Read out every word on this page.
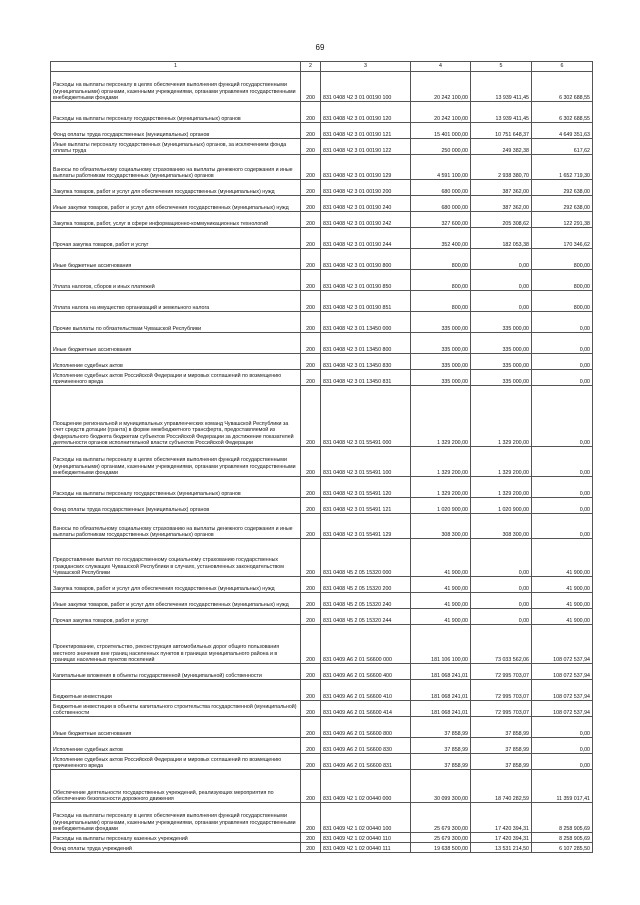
69
1	2	3	4	5	6
Расходы на выплаты персоналу в целях обеспечения выполнения функций государственными (муниципальными) органами, казенными учреждениями, органами управления государственными внебюджетными фондами	200	831 0408 Ч2 3 01 00190 100	20 242 100,00	13 939 411,45	6 302 688,55
Расходы на выплаты персоналу государственных (муниципальных) органов	200	831 0408 Ч2 3 01 00190 120	20 242 100,00	13 939 411,45	6 302 688,55
Фонд оплаты труда государственных (муниципальных) органов	200	831 0408 Ч2 3 01 00190 121	15 401 000,00	10 751 648,37	4 649 351,63
Иные выплаты персоналу государственных (муниципальных) органов, за исключением фонда оплаты труда	200	831 0408 Ч2 3 01 00190 122	250 000,00	249 382,38	617,62
Взносы по обязательному социальному страхованию на выплаты денежного содержания и иные выплаты работникам государственных (муниципальных) органов	200	831 0408 Ч2 3 01 00190 129	4 591 100,00	2 938 380,70	1 652 719,30
Закупка товаров, работ и услуг для обеспечения государственных (муниципальных) нужд	200	831 0408 Ч2 3 01 00190 200	680 000,00	387 362,00	292 638,00
Иные закупки товаров, работ и услуг для обеспечения государственных (муниципальных) нужд	200	831 0408 Ч2 3 01 00190 240	680 000,00	387 362,00	292 638,00
Закупка товаров, работ, услуг в сфере информационно-коммуникационных технологий	200	831 0408 Ч2 3 01 00190 242	327 600,00	205 308,62	122 291,38
Прочая закупка товаров, работ и услуг	200	831 0408 Ч2 3 01 00190 244	352 400,00	182 053,38	170 346,62
Иные бюджетные ассигнования	200	831 0408 Ч2 3 01 00190 800	800,00	0,00	800,00
Уплата налогов, сборов и иных платежей	200	831 0408 Ч2 3 01 00190 850	800,00	0,00	800,00
Уплата налога на имущество организаций и земельного налога	200	831 0408 Ч2 3 01 00190 851	800,00	0,00	800,00
Прочие выплаты по обязательствам Чувашской Республики	200	831 0408 Ч2 3 01 13450 000	335 000,00	335 000,00	0,00
Иные бюджетные ассигнования	200	831 0408 Ч2 3 01 13450 800	335 000,00	335 000,00	0,00
Исполнение судебных актов	200	831 0408 Ч2 3 01 13450 830	335 000,00	335 000,00	0,00
Исполнение судебных актов Российской Федерации и мировых соглашений по возмещению причиненного вреда	200	831 0408 Ч2 3 01 13450 831	335 000,00	335 000,00	0,00
Поощрение региональной и муниципальных управленческих команд Чувашской Республики за счет средств дотации (гранта) в форме межбюджетного трансферта, предоставляемой из федерального бюджета бюджетам субъектов Российской Федерации за достижение показателей деятельности органов исполнительной власти субъектов Российской Федерации	200	831 0408 Ч2 3 01 55491 000	1 329 200,00	1 329 200,00	0,00
Расходы на выплаты персоналу в целях обеспечения выполнения функций государственными (муниципальными) органами, казенными учреждениями, органами управления государственными внебюджетными фондами	200	831 0408 Ч2 3 01 55491 100	1 329 200,00	1 329 200,00	0,00
Расходы на выплаты персоналу государственных (муниципальных) органов	200	831 0408 Ч2 3 01 55491 120	1 329 200,00	1 329 200,00	0,00
Фонд оплаты труда государственных (муниципальных) органов	200	831 0408 Ч2 3 01 55491 121	1 020 900,00	1 020 900,00	0,00
Взносы по обязательному социальному страхованию на выплаты денежного содержания и иные выплаты работникам государственных (муниципальных) органов	200	831 0408 Ч2 3 01 55491 129	308 300,00	308 300,00	0,00
Предоставление выплат по государственному социальному страхованию государственных гражданских служащих Чувашской Республики в случаях, установленных законодательством Чувашской Республики	200	831 0408 Ч5 2 05 15320 000	41 900,00	0,00	41 900,00
Закупка товаров, работ и услуг для обеспечения государственных (муниципальных) нужд	200	831 0408 Ч5 2 05 15320 200	41 900,00	0,00	41 900,00
Иные закупки товаров, работ и услуг для обеспечения государственных (муниципальных) нужд	200	831 0408 Ч5 2 05 15320 240	41 900,00	0,00	41 900,00
Прочая закупка товаров, работ и услуг	200	831 0408 Ч5 2 05 15320 244	41 900,00	0,00	41 900,00
Проектирование, строительство, реконструкция автомобильных дорог общего пользования местного значения вне границ населенных пунктов в границах муниципального района и в границах населенных пунктов поселений	200	831 0409 А6 2 01 S6600 000	181 106 100,00	73 033 562,06	108 072 537,94
Капитальные вложения в объекты государственной (муниципальной) собственности	200	831 0409 А6 2 01 S6600 400	181 068 241,01	72 995 703,07	108 072 537,94
Бюджетные инвестиции	200	831 0409 А6 2 01 S6600 410	181 068 241,01	72 995 703,07	108 072 537,94
Бюджетные инвестиции в объекты капитального строительства государственной (муниципальной) собственности	200	831 0409 А6 2 01 S6600 414	181 068 241,01	72 995 703,07	108 072 537,94
Иные бюджетные ассигнования	200	831 0409 А6 2 01 S6600 800	37 858,99	37 858,99	0,00
Исполнение судебных актов	200	831 0409 А6 2 01 S6600 830	37 858,99	37 858,99	0,00
Исполнение судебных актов Российской Федерации и мировых соглашений по возмещению причиненного вреда	200	831 0409 А6 2 01 S6600 831	37 858,99	37 858,99	0,00
Обеспечение деятельности государственных учреждений, реализующих мероприятия по обеспечению безопасности дорожного движения	200	831 0409 Ч2 1 02 00440 000	30 099 300,00	18 740 282,59	11 359 017,41
Расходы на выплаты персоналу в целях обеспечения выполнения функций государственными (муниципальными) органами, казенными учреждениями, органами управления государственными внебюджетными фондами	200	831 0409 Ч2 1 02 00440 100	25 679 300,00	17 420 394,31	8 258 905,69
Расходы на выплаты персоналу казенных учреждений	200	831 0409 Ч2 1 02 00440 110	25 679 300,00	17 420 394,31	8 258 905,69
Фонд оплаты труда учреждений	200	831 0409 Ч2 1 02 00440 111	19 638 500,00	13 531 214,50	6 107 285,50
